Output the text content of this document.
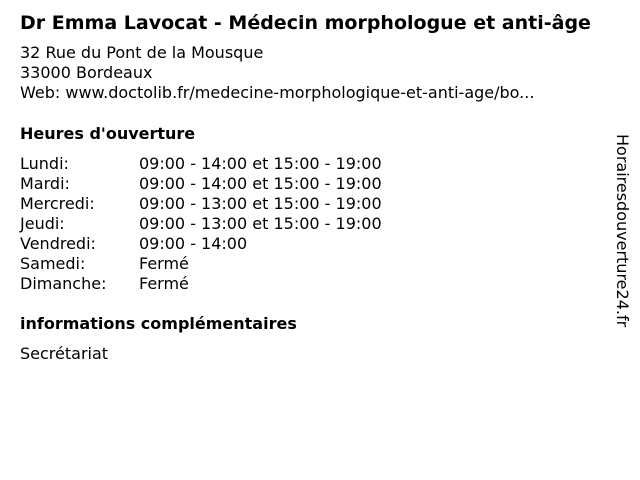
Dr Emma Lavocat - Médecin morphologue et anti-âge
32 Rue du Pont de la Mousque
33000 Bordeaux
Web: www.doctolib.fr/medecine-morphologique-et-anti-age/bo...
Heures d'ouverture
Lundi:	09:00 - 14:00 et 15:00 - 19:00
Mardi:	09:00 - 14:00 et 15:00 - 19:00
Mercredi:	09:00 - 13:00 et 15:00 - 19:00
Jeudi:	09:00 - 13:00 et 15:00 - 19:00
Vendredi:	09:00 - 14:00
Samedi:	Fermé
Dimanche: Fermé
informations complémentaires
Secrétariat
Horairesdouverture24.fr
